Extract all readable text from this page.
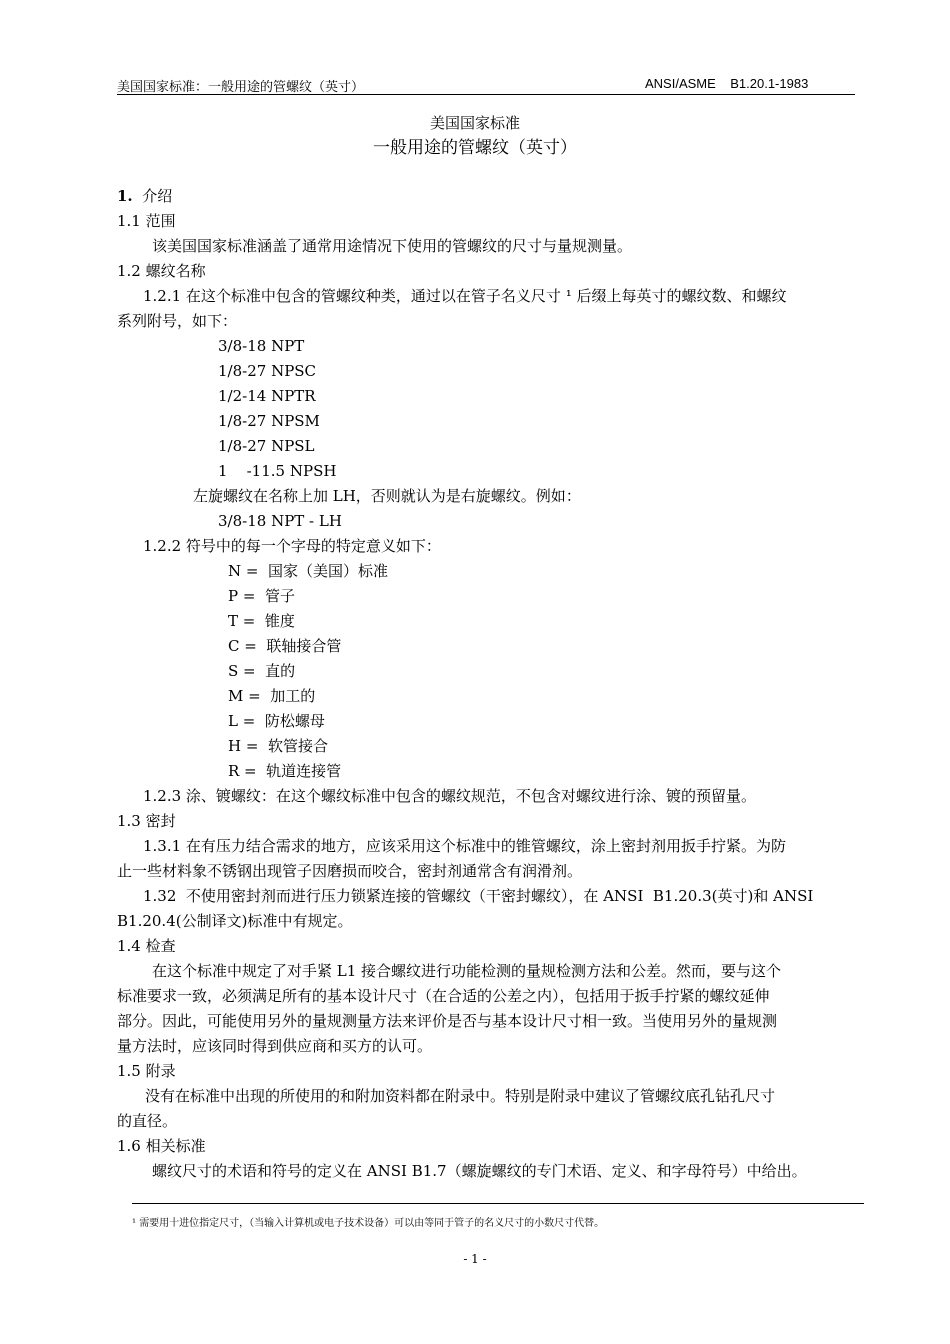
美国国家标准：一般用途的管螺纹（英寸）	ANSI/ASME    B1.20.1-1983
美国国家标准
一般用途的管螺纹（英寸）
1. 介绍
1.1 范围
该美国国家标准涵盖了通常用途情况下使用的管螺纹的尺寸与量规测量。
1.2 螺纹名称
1.2.1 在这个标准中包含的管螺纹种类，通过以在管子名义尺寸 ¹ 后缀上每英寸的螺纹数、和螺纹
系列附号，如下：
3/8-18 NPT
1/8-27 NPSC
1/2-14 NPTR
1/8-27 NPSM
1/8-27 NPSL
1    -11.5 NPSH
左旋螺纹在名称上加 LH，否则就认为是右旋螺纹。例如：
3/8-18 NPT - LH
1.2.2 符号中的每一个字母的特定意义如下：
N =  国家（美国）标准
P =  管子
T =  锥度
C =  联轴接合管
S =  直的
M =  加工的
L =  防松螺母
H =  软管接合
R =  轨道连接管
1.2.3 涂、镀螺纹：在这个螺纹标准中包含的螺纹规范，不包含对螺纹进行涂、镀的预留量。
1.3 密封
1.3.1 在有压力结合需求的地方，应该采用这个标准中的锥管螺纹，涂上密封剂用扳手拧紧。为防
止一些材料象不锈钢出现管子因磨损而咬合，密封剂通常含有润滑剂。
1.32  不使用密封剂而进行压力锁紧连接的管螺纹（干密封螺纹），在 ANSI  B1.20.3(英寸)和 ANSI
B1.20.4(公制译文)标准中有规定。
1.4 检查
在这个标准中规定了对手紧 L1 接合螺纹进行功能检测的量规检测方法和公差。然而，要与这个
标准要求一致，必须满足所有的基本设计尺寸（在合适的公差之内），包括用于扳手拧紧的螺纹延伸
部分。因此，可能使用另外的量规测量方法来评价是否与基本设计尺寸相一致。当使用另外的量规测
量方法时，应该同时得到供应商和买方的认可。
1.5 附录
没有在标准中出现的所使用的和附加资料都在附录中。特别是附录中建议了管螺纹底孔钻孔尺寸
的直径。
1.6 相关标准
螺纹尺寸的术语和符号的定义在 ANSI B1.7（螺旋螺纹的专门术语、定义、和字母符号）中给出。
¹ 需要用十进位指定尺寸，（当输入计算机或电子技术设备）可以由等同于管子的名义尺寸的小数尺寸代替。
- 1 -
